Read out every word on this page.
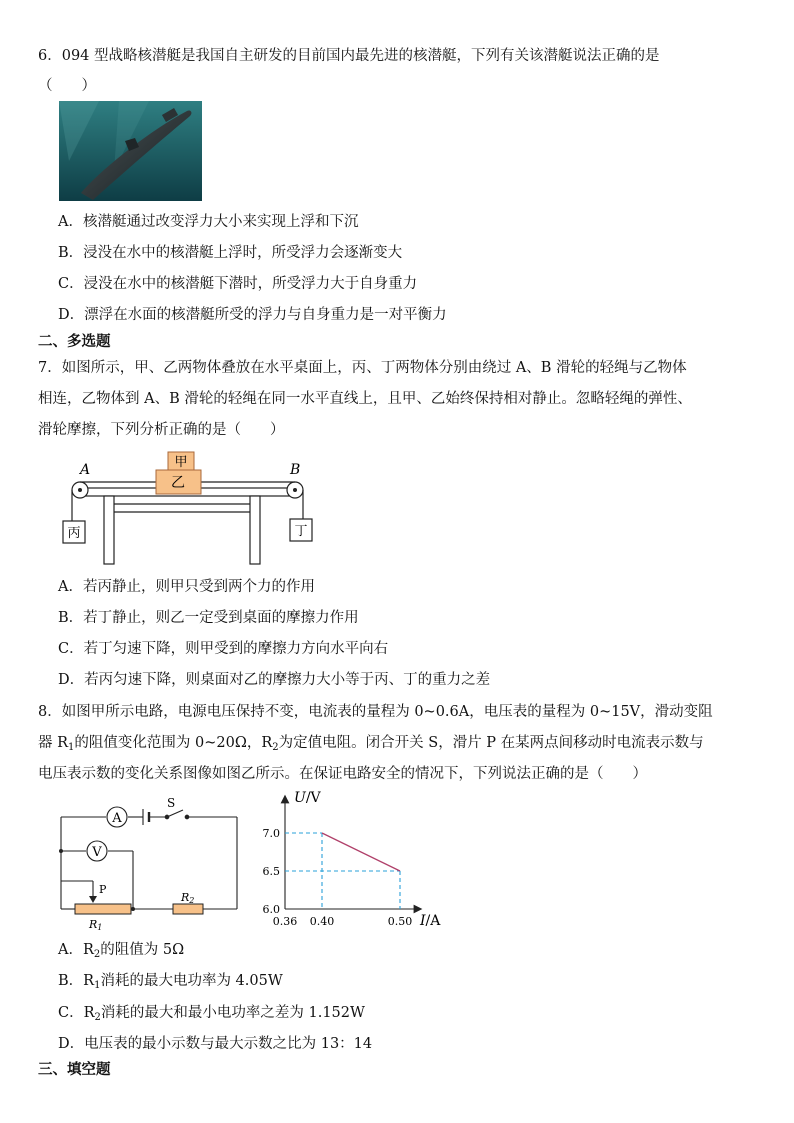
6．094 型战略核潜艇是我国自主研发的目前国内最先进的核潜艇，下列有关该潜艇说法正确的是
（　　）
A．核潜艇通过改变浮力大小来实现上浮和下沉
B．浸没在水中的核潜艇上浮时，所受浮力会逐渐变大
C．浸没在水中的核潜艇下潜时，所受浮力大于自身重力
D．漂浮在水面的核潜艇所受的浮力与自身重力是一对平衡力
二、多选题
7．如图所示，甲、乙两物体叠放在水平桌面上，丙、丁两物体分别由绕过 A、B 滑轮的轻绳与乙物体
相连，乙物体到 A、B 滑轮的轻绳在同一水平直线上，且甲、乙始终保持相对静止。忽略轻绳的弹性、
滑轮摩擦，下列分析正确的是（　　）
甲
乙
丙	丁
A	B
A．若丙静止，则甲只受到两个力的作用
B．若丁静止，则乙一定受到桌面的摩擦力作用
C．若丁匀速下降，则甲受到的摩擦力方向水平向右
D．若丙匀速下降，则桌面对乙的摩擦力大小等于丙、丁的重力之差
8．如图甲所示电路，电源电压保持不变，电流表的量程为 0~0.6A，电压表的量程为 0~15V，滑动变阻
器 $R_1$的阻值变化范围为 0~20Ω，$R_2$为定值电阻。闭合开关 S，滑片 P 在某两点间移动时电流表示数与
电压表示数的变化关系图像如图乙所示。在保证电路安全的情况下，下列说法正确的是（　　）
A
V
S
P
R1
R2
U/V
I/A
0.36 0.40	0.50
6.0
6.5
7.0
A．$R_2$的阻值为 5Ω
B．$R_1$消耗的最大电功率为 4.05W
C．$R_2$消耗的最大和最小电功率之差为 1.152W
D．电压表的最小示数与最大示数之比为 13：14
三、填空题
